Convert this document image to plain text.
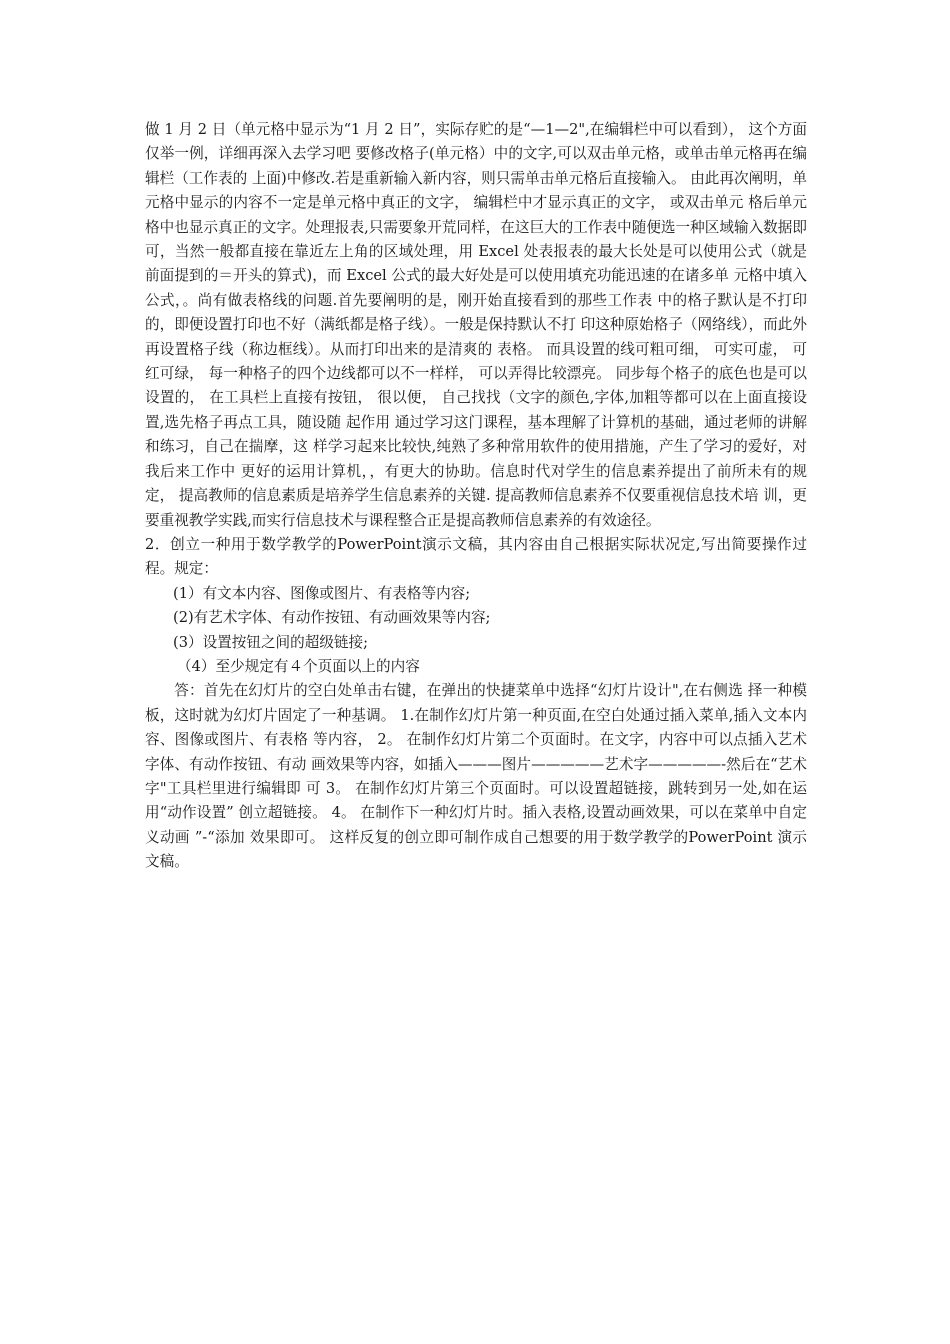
做 1 月 2 日（单元格中显示为“1 月 2 日”，实际存贮的是“—1—2",在编辑栏中可以看到）， 这个方面仅举一例，详细再深入去学习吧 要修改格子(单元格）中的文字,可以双击单元格，或单击单元格再在编辑栏（工作表的 上面)中修改.若是重新输入新内容，则只需单击单元格后直接输入。 由此再次阐明，单 元格中显示的内容不一定是单元格中真正的文字， 编辑栏中才显示真正的文字， 或双击单元 格后单元格中也显示真正的文字。处理报表,只需要象开荒同样，在这巨大的工作表中随便选一种区域输入数据即可，当然一般都直接在靠近左上角的区域处理，用 Excel 处表报表的最大长处是可以使用公式（就是 前面提到的＝开头的算式)，而 Excel 公式的最大好处是可以使用填充功能迅速的在诸多单 元格中填入公式，。尚有做表格线的问题.首先要阐明的是，刚开始直接看到的那些工作表 中的格子默认是不打印的，即便设置打印也不好（满纸都是格子线）。一般是保持默认不打 印这种原始格子（网络线），而此外再设置格子线（称边框线）。从而打印出来的是清爽的 表格。 而具设置的线可粗可细， 可实可虚， 可红可绿， 每一种格子的四个边线都可以不一样样， 可以弄得比较漂亮。 同步每个格子的底色也是可以设置的， 在工具栏上直接有按钮， 很以便， 自己找找（文字的颜色,字体,加粗等都可以在上面直接设置,选先格子再点工具，随设随 起作用 通过学习这门课程，基本理解了计算机的基础，通过老师的讲解和练习，自己在揣摩，这 样学习起来比较快,纯熟了多种常用软件的使用措施，产生了学习的爱好，对我后来工作中 更好的运用计算机，，有更大的协助。信息时代对学生的信息素养提出了前所未有的规定， 提高教师的信息素质是培养学生信息素养的关键. 提高教师信息素养不仅要重视信息技术培 训，更要重视教学实践,而实行信息技术与课程整合正是提高教师信息素养的有效途径。

2．创立一种用于数学教学的PowerPoint演示文稿，其内容由自己根据实际状况定,写出简要操作过程。规定：

(1）有文本内容、图像或图片、有表格等内容;

(2)有艺术字体、有动作按钮、有动画效果等内容;

(3）设置按钮之间的超级链接;

（4）至少规定有４个页面以上的内容

答：首先在幻灯片的空白处单击右键，在弹出的快捷菜单中选择“幻灯片设计",在右侧选 择一种模板，这时就为幻灯片固定了一种基调。 1.在制作幻灯片第一种页面,在空白处通过插入菜单,插入文本内容、图像或图片、有表格 等内容， 2。 在制作幻灯片第二个页面时。在文字，内容中可以点插入艺术字体、有动作按钮、有动 画效果等内容，如插入———图片—————艺术字—————-然后在“艺术字"工具栏里进行编辑即 可 3。 在制作幻灯片第三个页面时。可以设置超链接，跳转到另一处,如在运用“动作设置” 创立超链接。 4。 在制作下一种幻灯片时。插入表格,设置动画效果，可以在菜单中自定义动画 ”-“添加 效果即可。 这样反复的创立即可制作成自己想要的用于数学教学的PowerPoint 演示文稿。
